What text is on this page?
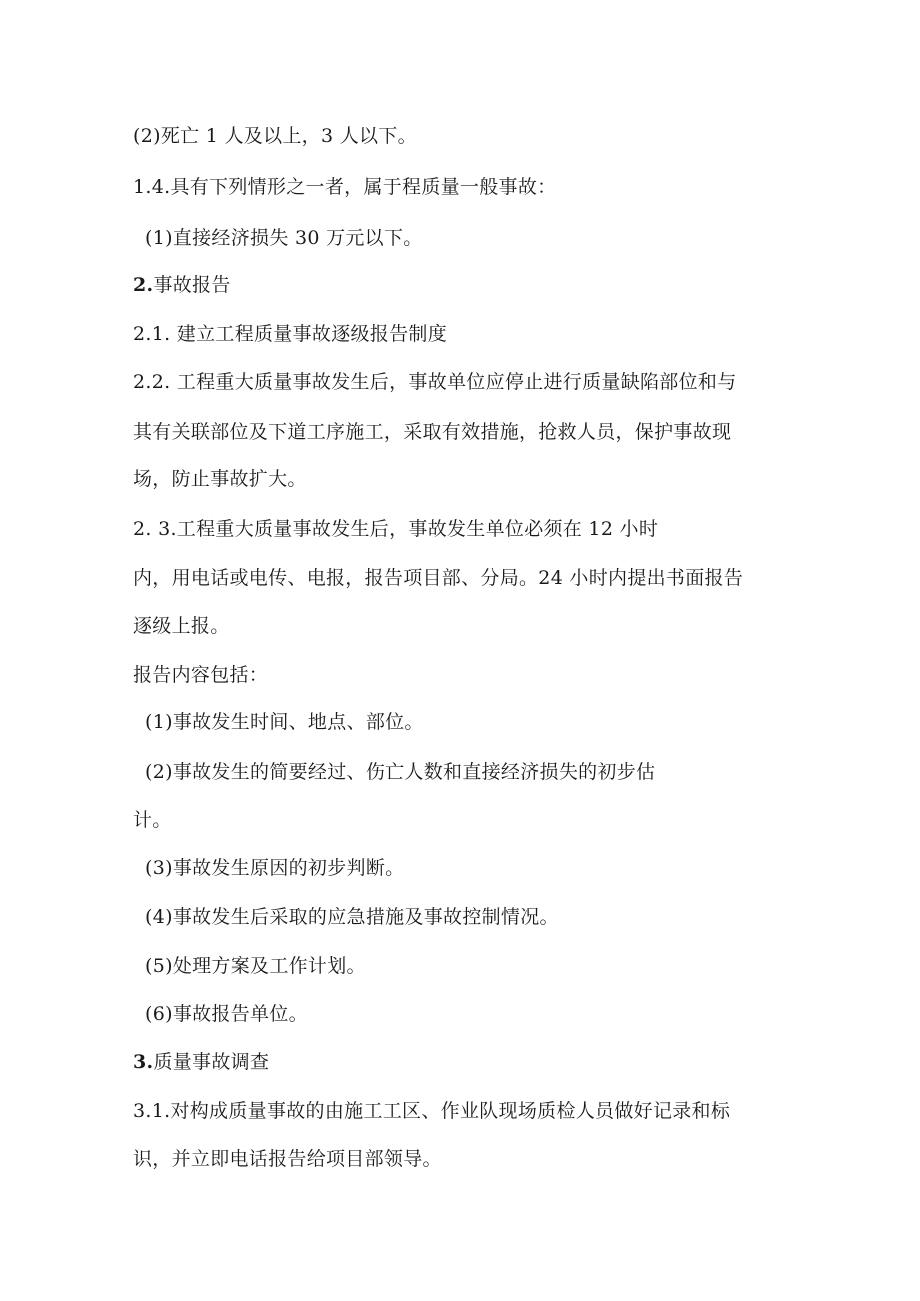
(2)死亡 1 人及以上，3 人以下。
1.4.具有下列情形之一者，属于程质量一般事故：
(1)直接经济损失 30 万元以下。
2.事故报告
2.1. 建立工程质量事故逐级报告制度
2.2. 工程重大质量事故发生后，事故单位应停止进行质量缺陷部位和与
其有关联部位及下道工序施工，采取有效措施，抢救人员，保护事故现
场，防止事故扩大。
2. 3.工程重大质量事故发生后，事故发生单位必须在 12 小时
内，用电话或电传、电报，报告项目部、分局。24 小时内提出书面报告
逐级上报。
报告内容包括：
(1)事故发生时间、地点、部位。
(2)事故发生的简要经过、伤亡人数和直接经济损失的初步估
计。
(3)事故发生原因的初步判断。
(4)事故发生后采取的应急措施及事故控制情况。
(5)处理方案及工作计划。
(6)事故报告单位。
3.质量事故调查
3.1.对构成质量事故的由施工工区、作业队现场质检人员做好记录和标
识，并立即电话报告给项目部领导。
